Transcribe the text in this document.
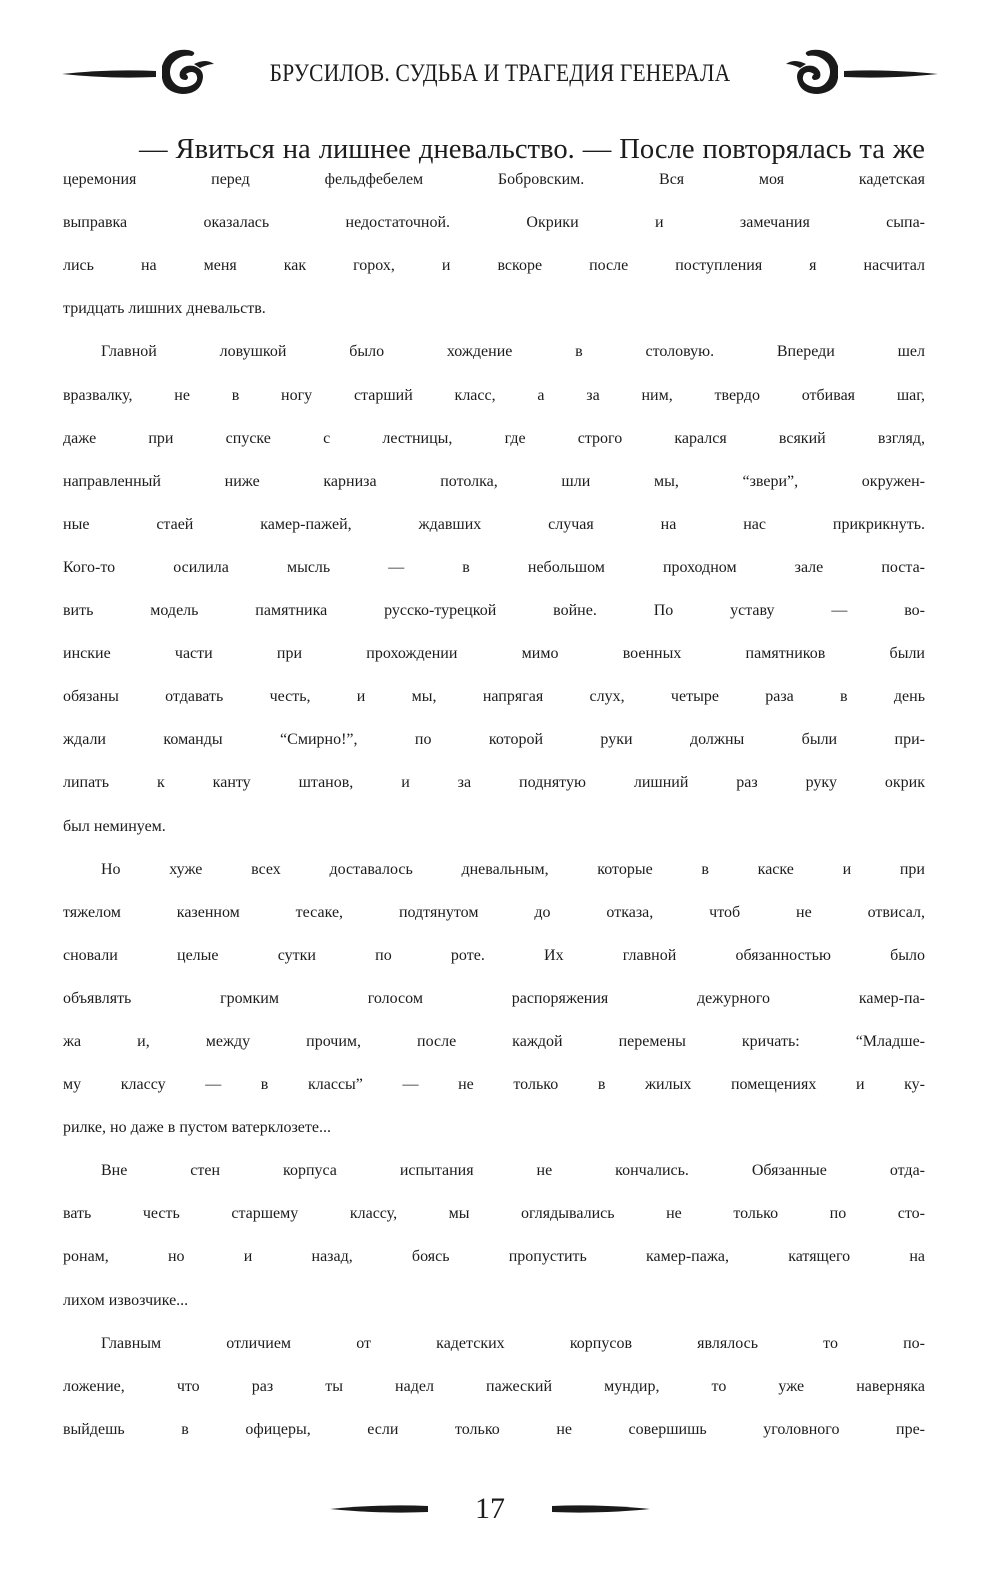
БРУСИЛОВ. СУДЬБА И ТРАГЕДИЯ ГЕНЕРАЛА
— Явиться на лишнее дневальство. — После повторялась та же
церемония перед фельдфебелем Бобровским. Вся моя кадетская
выправка оказалась недостаточной. Окрики и замечания сыпа-
лись на меня как горох, и вскоре после поступления я насчитал
тридцать лишних дневальств.
Главной ловушкой было хождение в столовую. Впереди шел
вразвалку, не в ногу старший класс, а за ним, твердо отбивая шаг,
даже при спуске с лестницы, где строго карался всякий взгляд,
направленный ниже карниза потолка, шли мы, “звери”, окружен-
ные стаей камер-пажей, ждавших случая на нас прикрикнуть.
Кого-то осилила мысль — в небольшом проходном зале поста-
вить модель памятника русско-турецкой войне. По уставу — во-
инские части при прохождении мимо военных памятников были
обязаны отдавать честь, и мы, напрягая слух, четыре раза в день
ждали команды “Смирно!”, по которой руки должны были при-
липать к канту штанов, и за поднятую лишний раз руку окрик
был неминуем.
Но хуже всех доставалось дневальным, которые в каске и при
тяжелом казенном тесаке, подтянутом до отказа, чтоб не отвисал,
сновали целые сутки по роте. Их главной обязанностью было
объявлять громким голосом распоряжения дежурного камер-па-
жа и, между прочим, после каждой перемены кричать: “Младше-
му классу — в классы” — не только в жилых помещениях и ку-
рилке, но даже в пустом ватерклозете...
Вне стен корпуса испытания не кончались. Обязанные отда-
вать честь старшему классу, мы оглядывались не только по сто-
ронам, но и назад, боясь пропустить камер-пажа, катящего на
лихом извозчике...
Главным отличием от кадетских корпусов являлось то по-
ложение, что раз ты надел пажеский мундир, то уже наверняка
выйдешь в офицеры, если только не совершишь уголовного пре-
17
